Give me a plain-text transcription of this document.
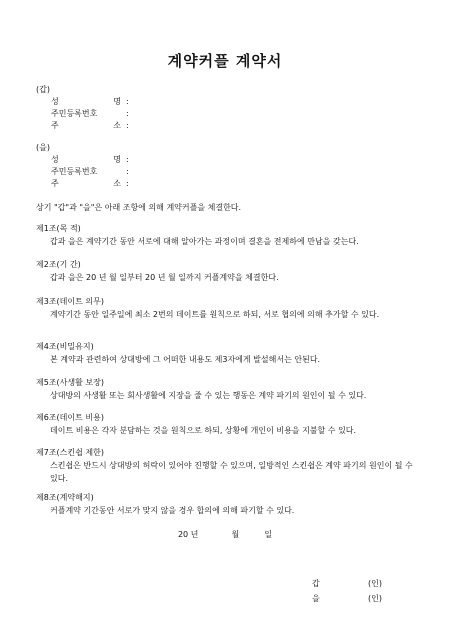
계약커플 계약서
(갑)
성 명 :
주민등록번호	:
주 소 :
(을)
성 명 :
주민등록번호	:
주 소 :
상기 "갑"과 "을"은 아래 조항에 의해 계약커플을 체결한다.
제1조(목 적)
갑과 을은 계약기간 동안 서로에 대해 알아가는 과정이며 결혼을 전제하에 만남을 갖는다.
제2조(기 간)
갑과 을은 20 년 월 일부터 20 년 월 일까지 커플계약을 체결한다.
제3조(데이트 의무)
계약기간 동안 일주일에 최소 2번의 데이트를 원칙으로 하되, 서로 협의에 의해 추가할 수 있다.
제4조(비밀유지)
본 계약과 관련하여 상대방에 그 어떠한 내용도 제3자에게 발설해서는 안된다.
제5조(사생활 보장)
상대방의 사생활 또는 회사생활에 지장을 줄 수 있는 행동은 계약 파기의 원인이 될 수 있다.
제6조(데이트 비용)
데이트 비용은 각자 분담하는 것을 원칙으로 하되, 상황에 개인이 비용을 지불할 수 있다.
제7조(스킨쉽 제한)
스킨쉽은 반드시 상대방의 허락이 있어야 진행할 수 있으며, 일방적인 스킨쉽은 계약 파기의 원인이 될 수 있다.
제8조(계약해지)
커플계약 기간동안 서로가 맞지 않을 경우 합의에 의해 파기할 수 있다.
20 년	월	일
갑	(인)
을	(인)
